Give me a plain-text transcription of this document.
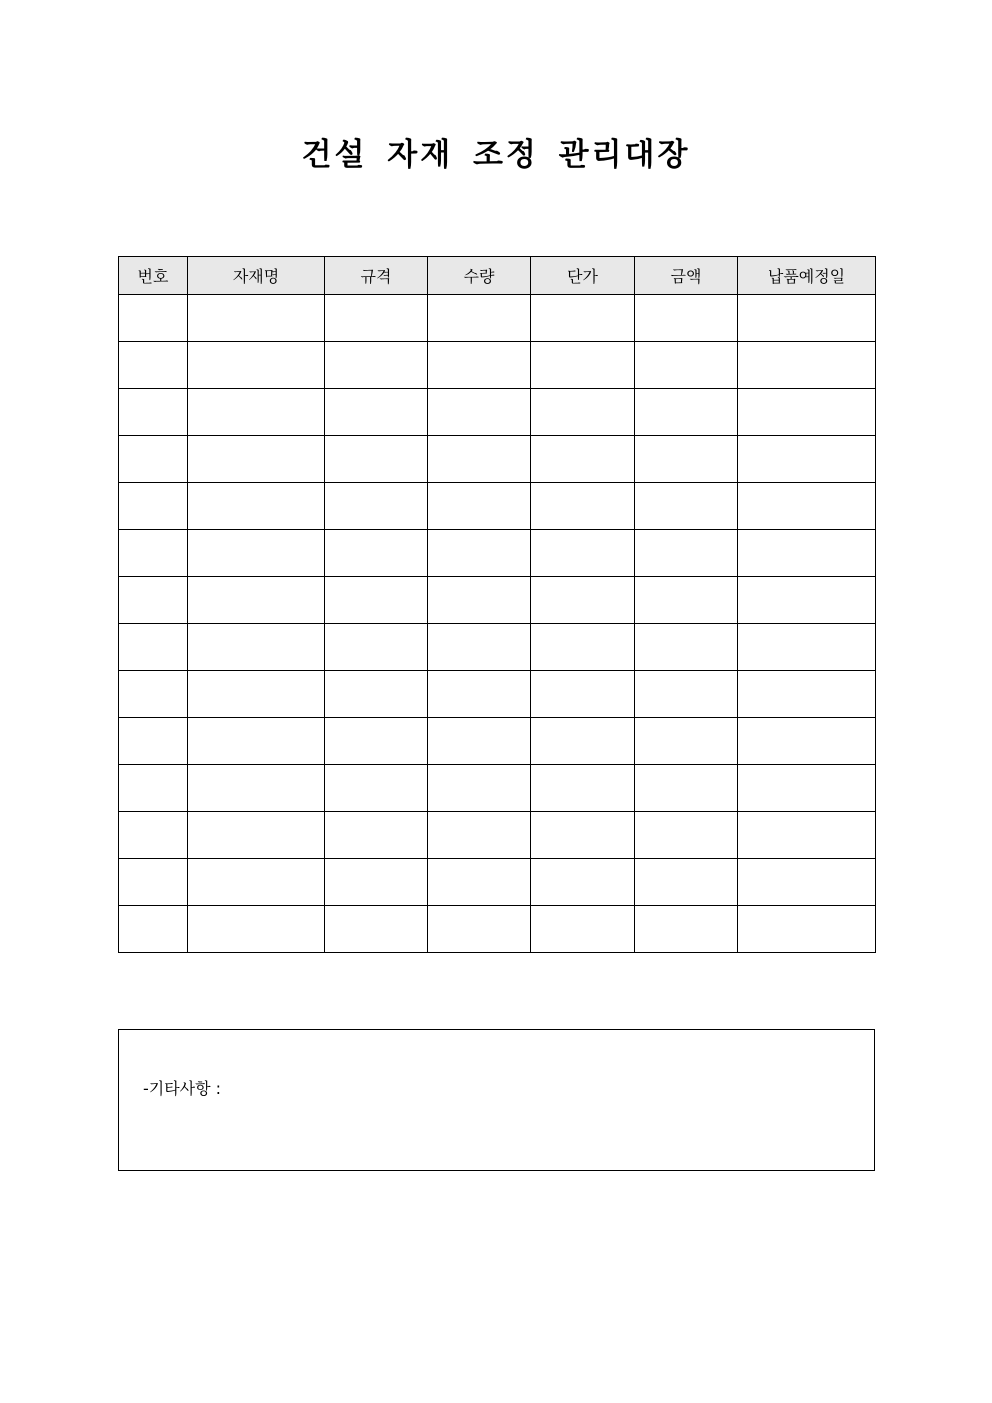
건설 자재 조정 관리대장
번호	자재명	규격	수량	단가	금액	납품예정일

-기타사항 :
